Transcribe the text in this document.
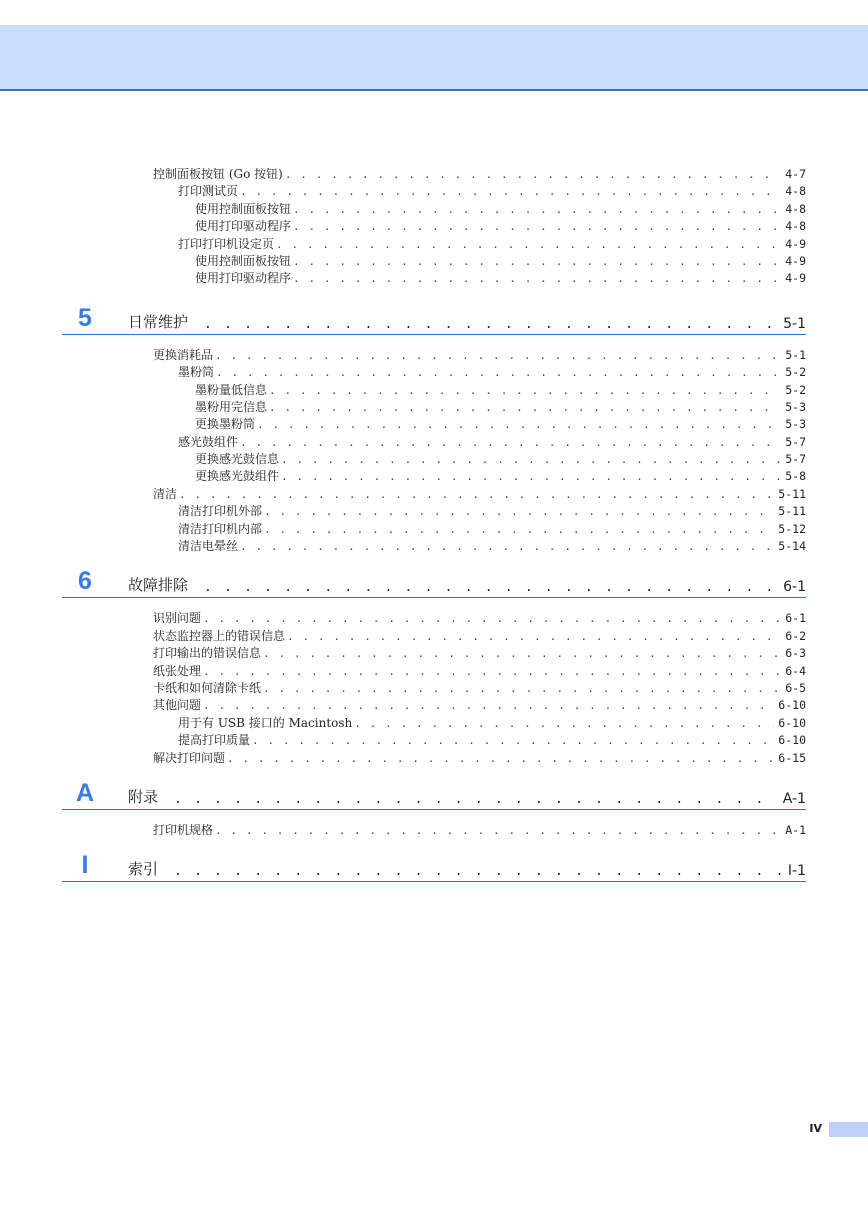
控制面板按钮 (Go 按钮) . . .	4-7
打印测试页 . . .	4-8
使用控制面板按钮 . . .	4-8
使用打印驱动程序 . . .	4-8
打印打印机设定页 . . .	4-9
使用控制面板按钮 . . .	4-9
使用打印驱动程序 . . .	4-9
5	日常维护 . . .	5-1
更换消耗品 . . .	5-1
墨粉筒 . . .	5-2
墨粉量低信息 . . .	5-2
墨粉用完信息 . . .	5-3
更换墨粉筒 . . .	5-3
感光鼓组件 . . .	5-7
更换感光鼓信息 . . .	5-7
更换感光鼓组件 . . .	5-8
清洁 . . .	5-11
清洁打印机外部 . . .	5-11
清洁打印机内部 . . .	5-12
清洁电晕丝 . . .	5-14
6	故障排除 . . .	6-1
识别问题 . . .	6-1
状态监控器上的错误信息 . . .	6-2
打印输出的错误信息 . . .	6-3
纸张处理 . . .	6-4
卡纸和如何清除卡纸 . . .	6-5
其他问题 . . .	6-10
用于有 USB 接口的 Macintosh . . .	6-10
提高打印质量 . . .	6-10
解决打印问题 . . .	6-15
A	附录 . . .	A-1
打印机规格 . . .	A-1
I	索引 . . .	I-1
IV
